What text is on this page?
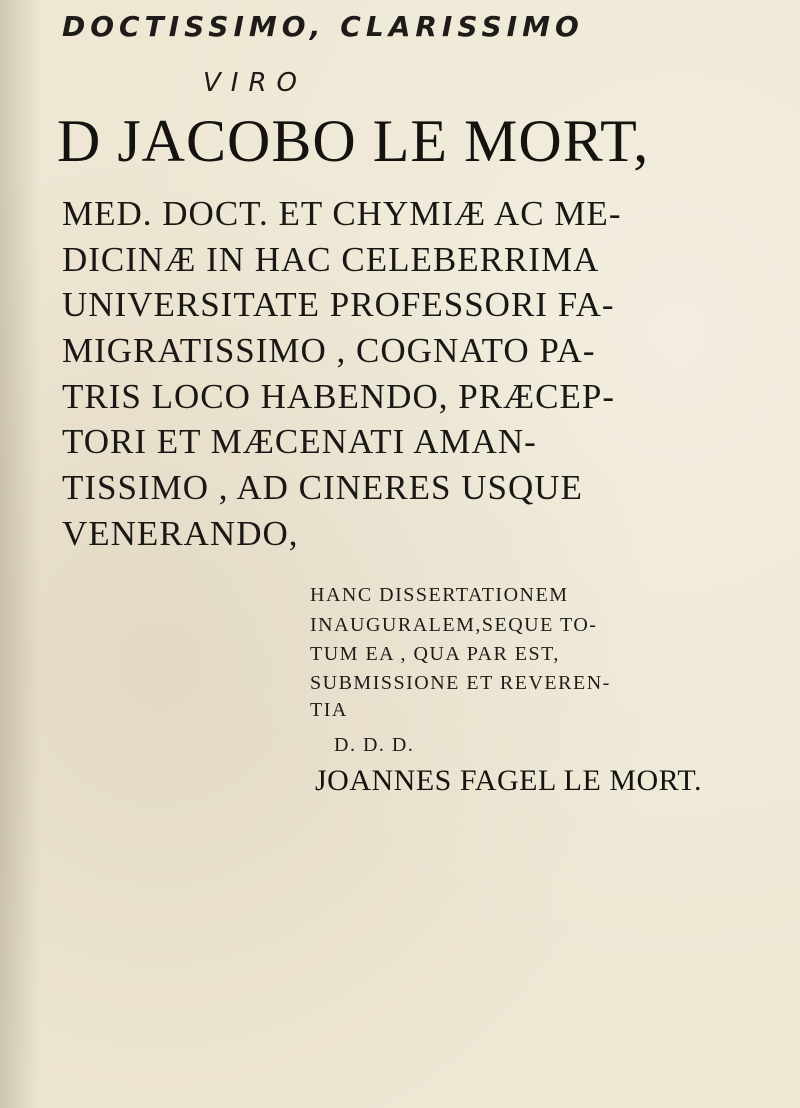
DOCTISSIMO, CLARISSIMO

VIRO

D JACOBO LE MORT,

MED. DOCT. ET CHYMIÆ AC ME-

DICINÆ IN HAC CELEBERRIMA

UNIVERSITATE PROFESSORI FA-

MIGRATISSIMO , COGNATO PA-

TRIS LOCO HABENDO, PRÆCEP-

TORI ET MÆCENATI AMAN-

TISSIMO , AD CINERES USQUE

VENERANDO,

HANC DISSERTATIONEM

INAUGURALEM,SEQUE TO-

TUM EA , QUA PAR EST,

SUBMISSIONE ET REVEREN-

TIA

D. D. D.

JOANNES FAGEL LE MORT.
